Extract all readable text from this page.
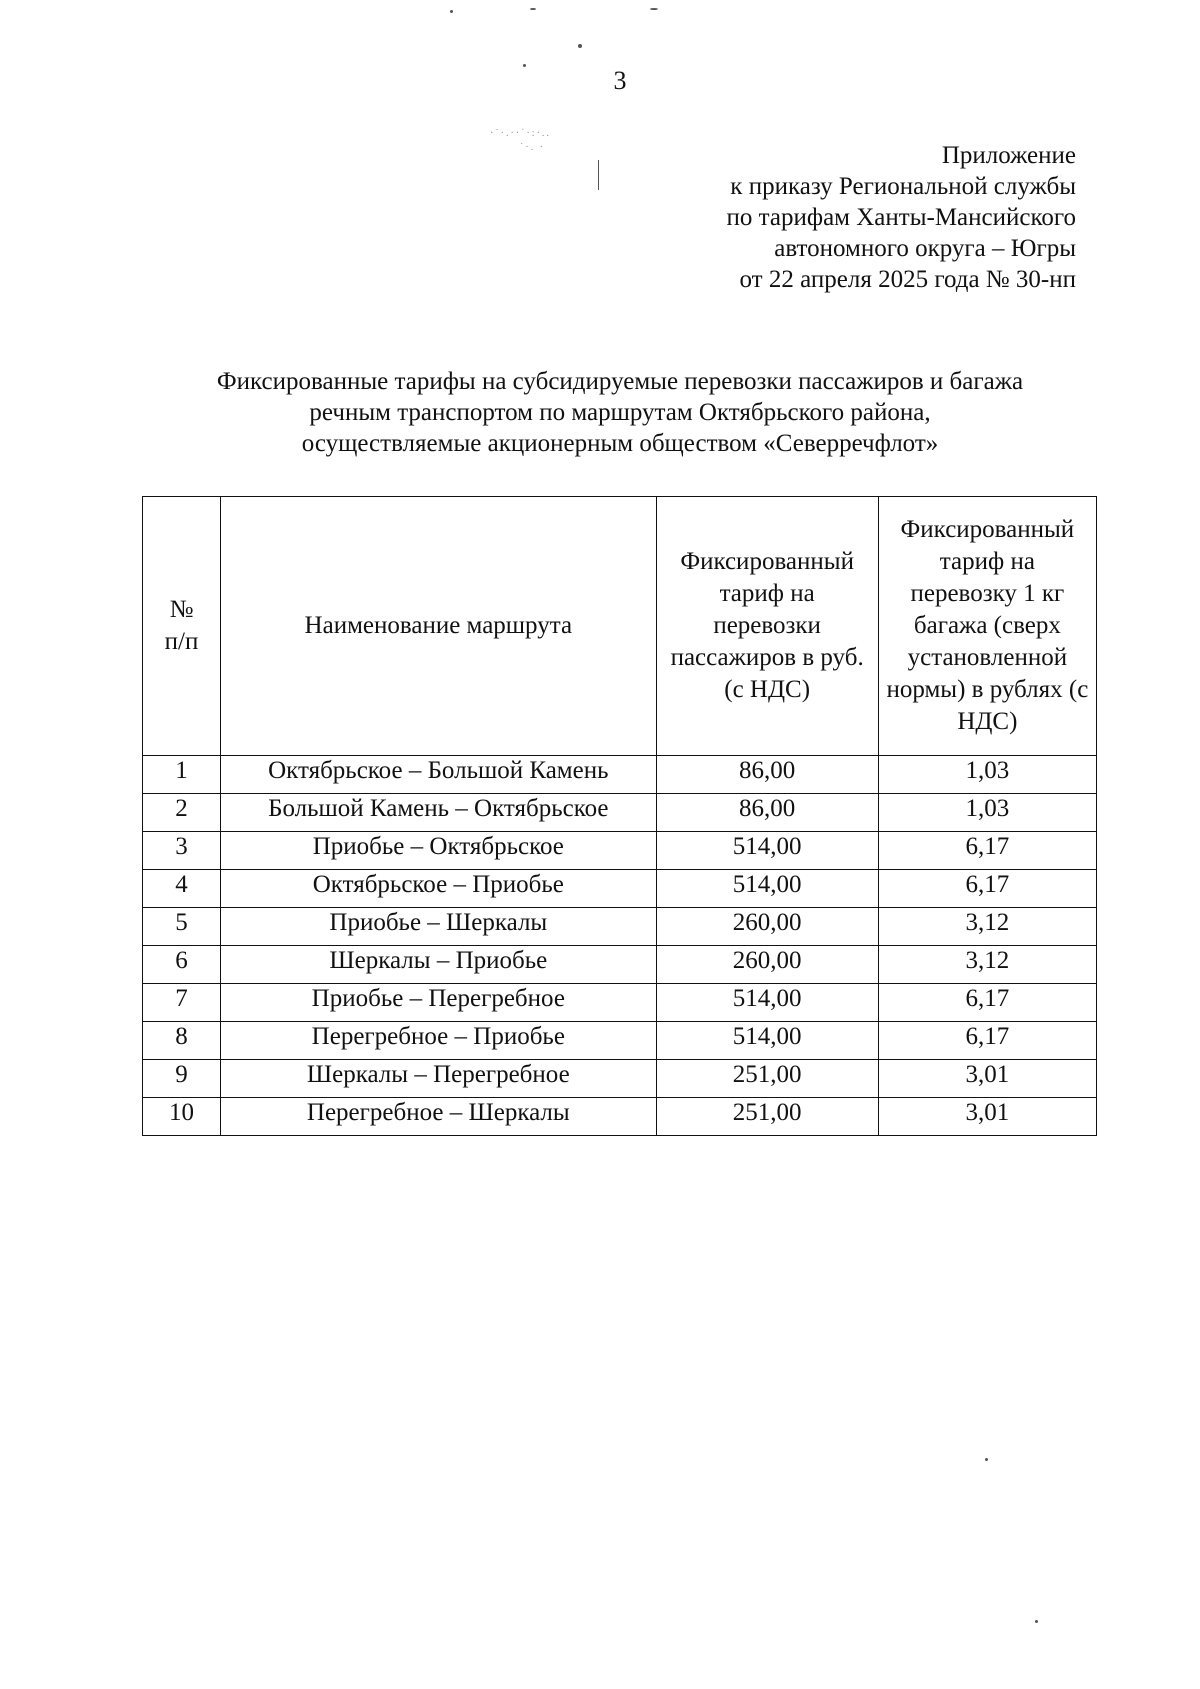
·˙·.··˙·:·..
˙·. ·
3
Приложение
к приказу Региональной службы
по тарифам Ханты-Мансийского
автономного округа – Югры
от 22 апреля 2025 года № 30-нп
Фиксированные тарифы на субсидируемые перевозки пассажиров и багажа
речным транспортом по маршрутам Октябрьского района,
осуществляемые акционерным обществом «Северречфлот»
№ п/п	Наименование маршрута	Фиксированный тариф на перевозки пассажиров в руб. (с НДС)	Фиксированный тариф на перевозку 1 кг багажа (сверх установленной нормы) в рублях (с НДС)
1	Октябрьское – Большой Камень	86,00	1,03
2	Большой Камень – Октябрьское	86,00	1,03
3	Приобье – Октябрьское	514,00	6,17
4	Октябрьское – Приобье	514,00	6,17
5	Приобье – Шеркалы	260,00	3,12
6	Шеркалы – Приобье	260,00	3,12
7	Приобье – Перегребное	514,00	6,17
8	Перегребное – Приобье	514,00	6,17
9	Шеркалы – Перегребное	251,00	3,01
10	Перегребное – Шеркалы	251,00	3,01
